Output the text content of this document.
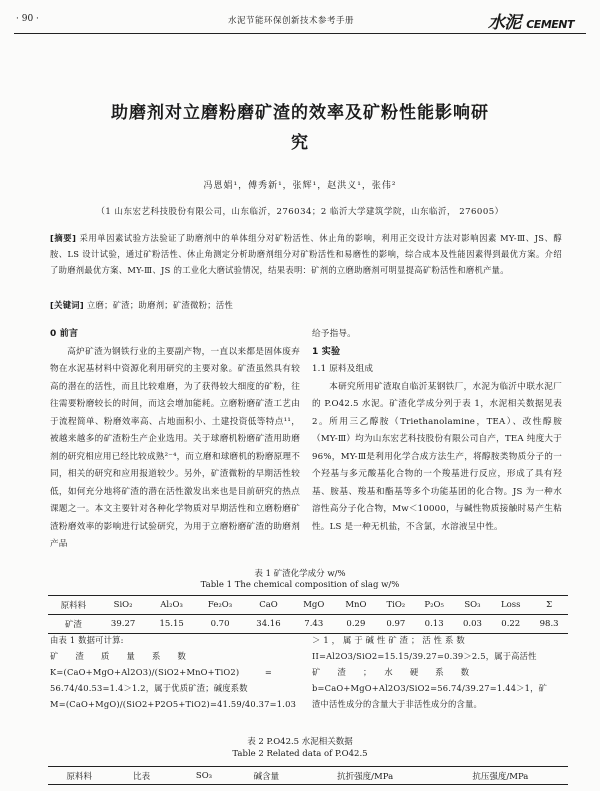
· 90 ·	水泥节能环保创新技术参考手册	水泥 CEMENT
助磨剂对立磨粉磨矿渣的效率及矿粉性能影响研
究
冯恩娟¹，傅秀新¹，张辉¹，赵洪义¹，张伟²
（1 山东宏艺科技股份有限公司，山东临沂，276034；2 临沂大学建筑学院，山东临沂， 276005）
[摘要] 采用单因素试验方法验证了助磨剂中的单体组分对矿粉活性、休止角的影响，利用正交设计方法对影响因素 MY-Ⅲ、JS、醇胺、LS 设计试验，通过矿粉活性、休止角测定分析助磨剂组分对矿粉活性和易磨性的影响，综合成本及性能因素得到最优方案。介绍了助磨剂最优方案、MY-Ⅲ、JS 的工业化大磨试验情况，结果表明：矿剂的立磨助磨剂可明显提高矿粉活性和磨机产量。
[关键词] 立磨；矿渣；助磨剂；矿渣微粉；活性
0 前言

高炉矿渣为钢铁行业的主要副产物，一直以来都是固体废弃物在水泥基材料中资源化利用研究的主要对象。矿渣虽然具有较高的潜在的活性，而且比较难磨，为了获得较大细度的矿粉，往往需要粉磨较长的时间，而这会增加能耗。立磨粉磨矿渣工艺由于流程简单、粉磨效率高、占地面积小、土建投资低等特点¹¹，被越来越多的矿渣粉生产企业选用。关于球磨机粉磨矿渣用助磨剂的研究相应用已经比较成熟²⁻⁴，而立磨和球磨机的粉磨原理不同，相关的研究和应用报道较少。另外，矿渣微粉的早期活性较低，如何充分地将矿渣的潜在活性激发出来也是目前研究的热点课题之一。本文主要针对各种化学物质对早期活性和立磨粉磨矿渣粉磨效率的影响进行试验研究，为用于立磨粉磨矿渣的助磨剂产品

给予指导。

1 实验
1.1 原料及组成

本研究所用矿渣取自临沂某钢铁厂，水泥为临沂中联水泥厂的 P.O42.5 水泥。矿渣化学成分列于表 1，水泥相关数据见表 2。所用三乙醇胺（Triethanolamine，TEA）、改性醇胺（MY-Ⅲ）均为山东宏艺科技股份有限公司自产，TEA 纯度大于 96%，MY-Ⅲ是利用化学合成方法生产，将醇胺类物质分子的一个羟基与多元酸基化合物的一个羧基进行反应，形成了具有羟基、胺基、羧基和酯基等多个功能基团的化合物。JS 为一种水溶性高分子化合物，Mw＜10000，与碱性物质接触时易产生粘性。LS 是一种无机盐，不含氯，水溶液呈中性。

表 1 矿渣化学成分 w/%
Table 1 The chemical composition of slag w/%
原料料	SiO₂	Al₂O₃	Fe₂O₃	CaO	MgO	MnO	TiO₂	P₂O₅	SO₃	Loss	Σ
矿渣	39.27	15.15	0.70	34.16	7.43	0.29	0.97	0.13	0.03	0.22	98.3
由表 1 数据可计算:
矿　　渣　　质　　量　　系　　数
K=(CaO+MgO+Al2O3)/(SiO2+MnO+TiO2)　　　=
56.74/40.53=1.4＞1.2，属于优质矿渣；碱度系数
M=(CaO+MgO)/(SiO2+P2O5+TiO2)=41.59/40.37=1.03
＞ 1 ， 属 于 碱 性 矿 渣 ； 活 性 系 数
II=Al2O3/SiO2=15.15/39.27=0.39＞2.5，属于高活性
矿　　渣　　；　　水　　硬　　系　　数
b=CaO+MgO+Al2O3/SiO2=56.74/39.27=1.44＞1，矿
渣中活性成分的含量大于非活性成分的含量。
表 2 P.O42.5 水泥相关数据
Table 2 Related data of P.O42.5
原料料	比表	SO₃	碱含量	抗折强度/MPa	抗压强度/MPa
